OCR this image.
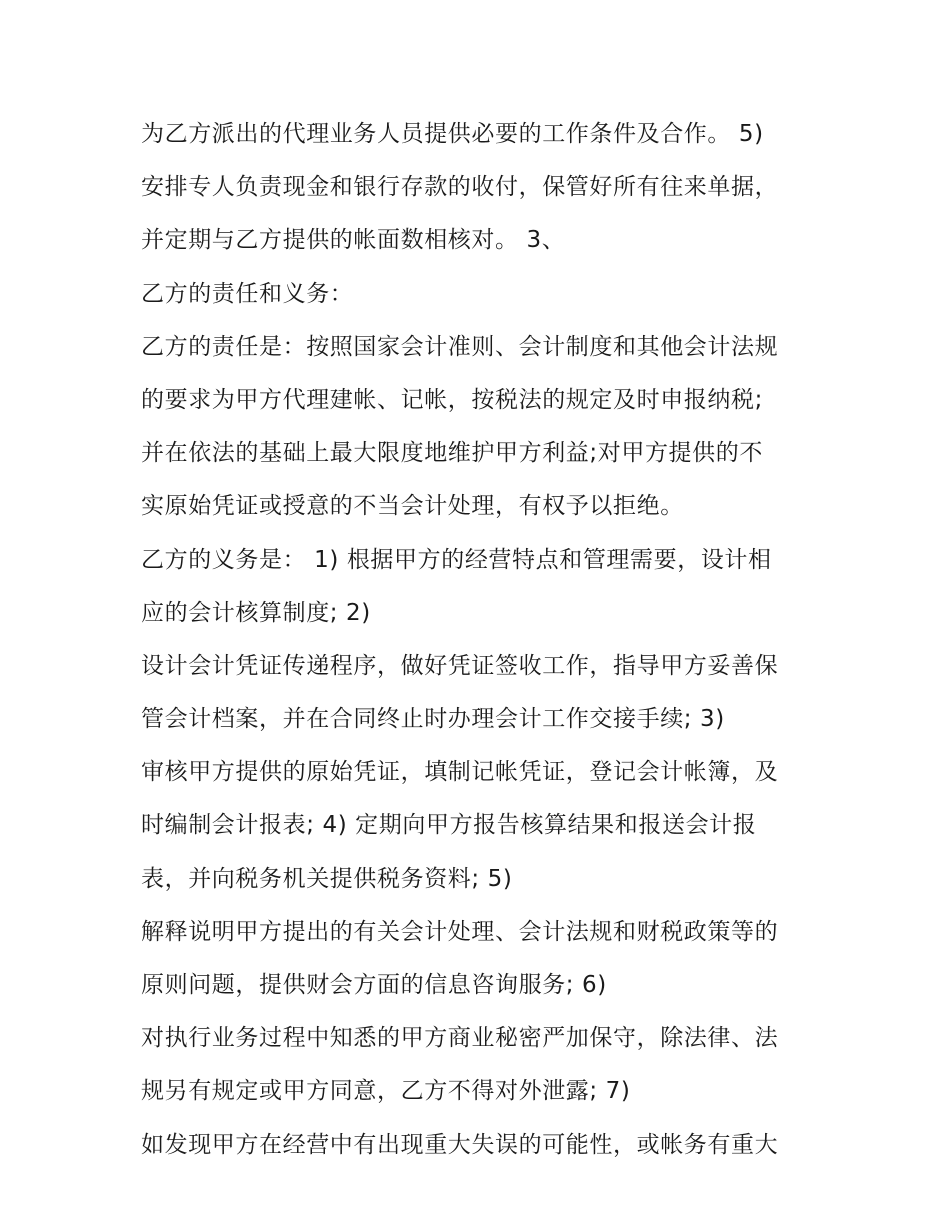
为乙方派出的代理业务人员提供必要的工作条件及合作。 5)
安排专人负责现金和银行存款的收付，保管好所有往来单据，
并定期与乙方提供的帐面数相核对。 3、
乙方的责任和义务：
乙方的责任是：按照国家会计准则、会计制度和其他会计法规
的要求为甲方代理建帐、记帐，按税法的规定及时申报纳税;
并在依法的基础上最大限度地维护甲方利益;对甲方提供的不
实原始凭证或授意的不当会计处理，有权予以拒绝。
乙方的义务是： 1) 根据甲方的经营特点和管理需要，设计相
应的会计核算制度; 2)
设计会计凭证传递程序，做好凭证签收工作，指导甲方妥善保
管会计档案，并在合同终止时办理会计工作交接手续; 3)
审核甲方提供的原始凭证，填制记帐凭证，登记会计帐簿，及
时编制会计报表; 4) 定期向甲方报告核算结果和报送会计报
表，并向税务机关提供税务资料; 5)
解释说明甲方提出的有关会计处理、会计法规和财税政策等的
原则问题，提供财会方面的信息咨询服务; 6)
对执行业务过程中知悉的甲方商业秘密严加保守，除法律、法
规另有规定或甲方同意，乙方不得对外泄露; 7)
如发现甲方在经营中有出现重大失误的可能性，或帐务有重大
